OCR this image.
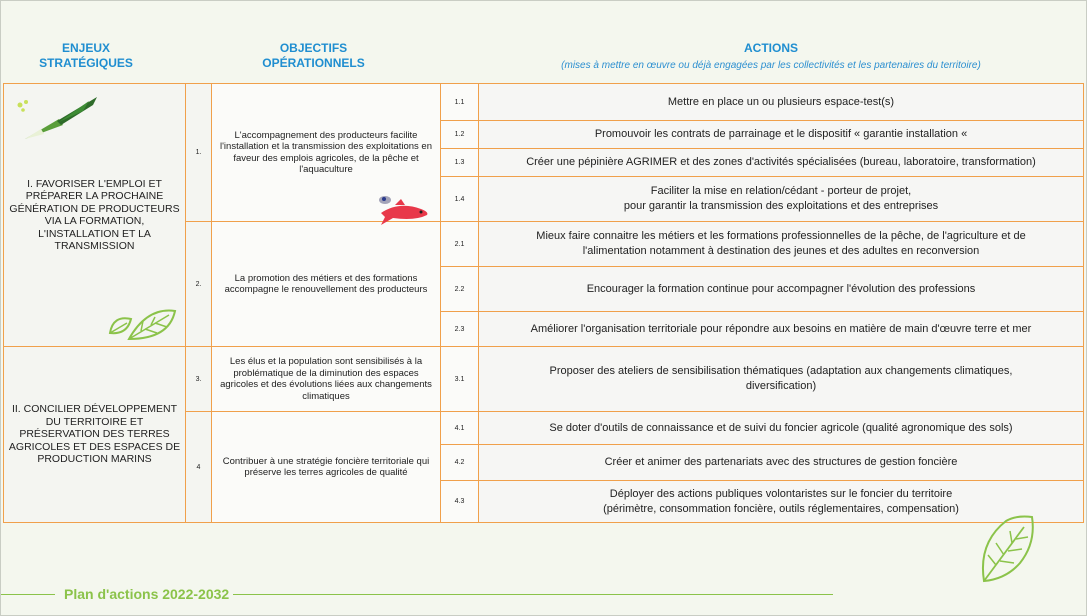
ENJEUX
STRATÉGIQUES
OBJECTIFS
OPÉRATIONNELS
ACTIONS
(mises à mettre en œuvre ou déjà engagées par les collectivités et les partenaires du territoire)
I. FAVORISER L'EMPLOI ET PRÉPARER LA PROCHAINE GÉNÉRATION DE PRODUCTEURS VIA LA FORMATION, L'INSTALLATION ET LA TRANSMISSION	1.	L'accompagnement des producteurs facilite l'installation et la transmission des exploitations en faveur des emplois agricoles, de la pêche et l'aquaculture	1.1	Mettre en place un ou plusieurs espace-test(s)
			1.2	Promouvoir les contrats de parrainage et le dispositif « garantie installation «
			1.3	Créer une pépinière AGRIMER et des zones d'activités spécialisées (bureau, laboratoire, transformation)
			1.4	Faciliter la mise en relation/cédant - porteur de projet,
pour garantir la transmission des exploitations et des entreprises
	2.	La promotion des métiers et des formations accompagne le renouvellement des producteurs	2.1	Mieux faire connaitre les métiers et les formations professionnelles de la pêche, de l'agriculture et de
l'alimentation notamment à destination des jeunes et des adultes en reconversion
			2.2	Encourager la formation continue pour accompagner l'évolution des professions
			2.3	Améliorer l'organisation territoriale pour répondre aux besoins en matière de main d'œuvre terre et mer
II. CONCILIER DÉVELOPPEMENT DU TERRITOIRE ET PRÉSERVATION DES TERRES AGRICOLES ET DES ESPACES DE PRODUCTION MARINS	3.	Les élus et la population sont sensibilisés à la problématique de la diminution des espaces agricoles et des évolutions liées aux changements climatiques	3.1	Proposer des ateliers de sensibilisation thématiques (adaptation aux changements climatiques,
diversification)
	4	Contribuer à une stratégie foncière territoriale qui préserve les terres agricoles de qualité	4.1	Se doter d'outils de connaissance et de suivi du foncier agricole (qualité agronomique des sols)
			4.2	Créer et animer des partenariats avec des structures de gestion foncière
			4.3	Déployer des actions publiques volontaristes sur le foncier du territoire
(périmètre, consommation foncière, outils réglementaires, compensation)
Plan d'actions 2022-2032
